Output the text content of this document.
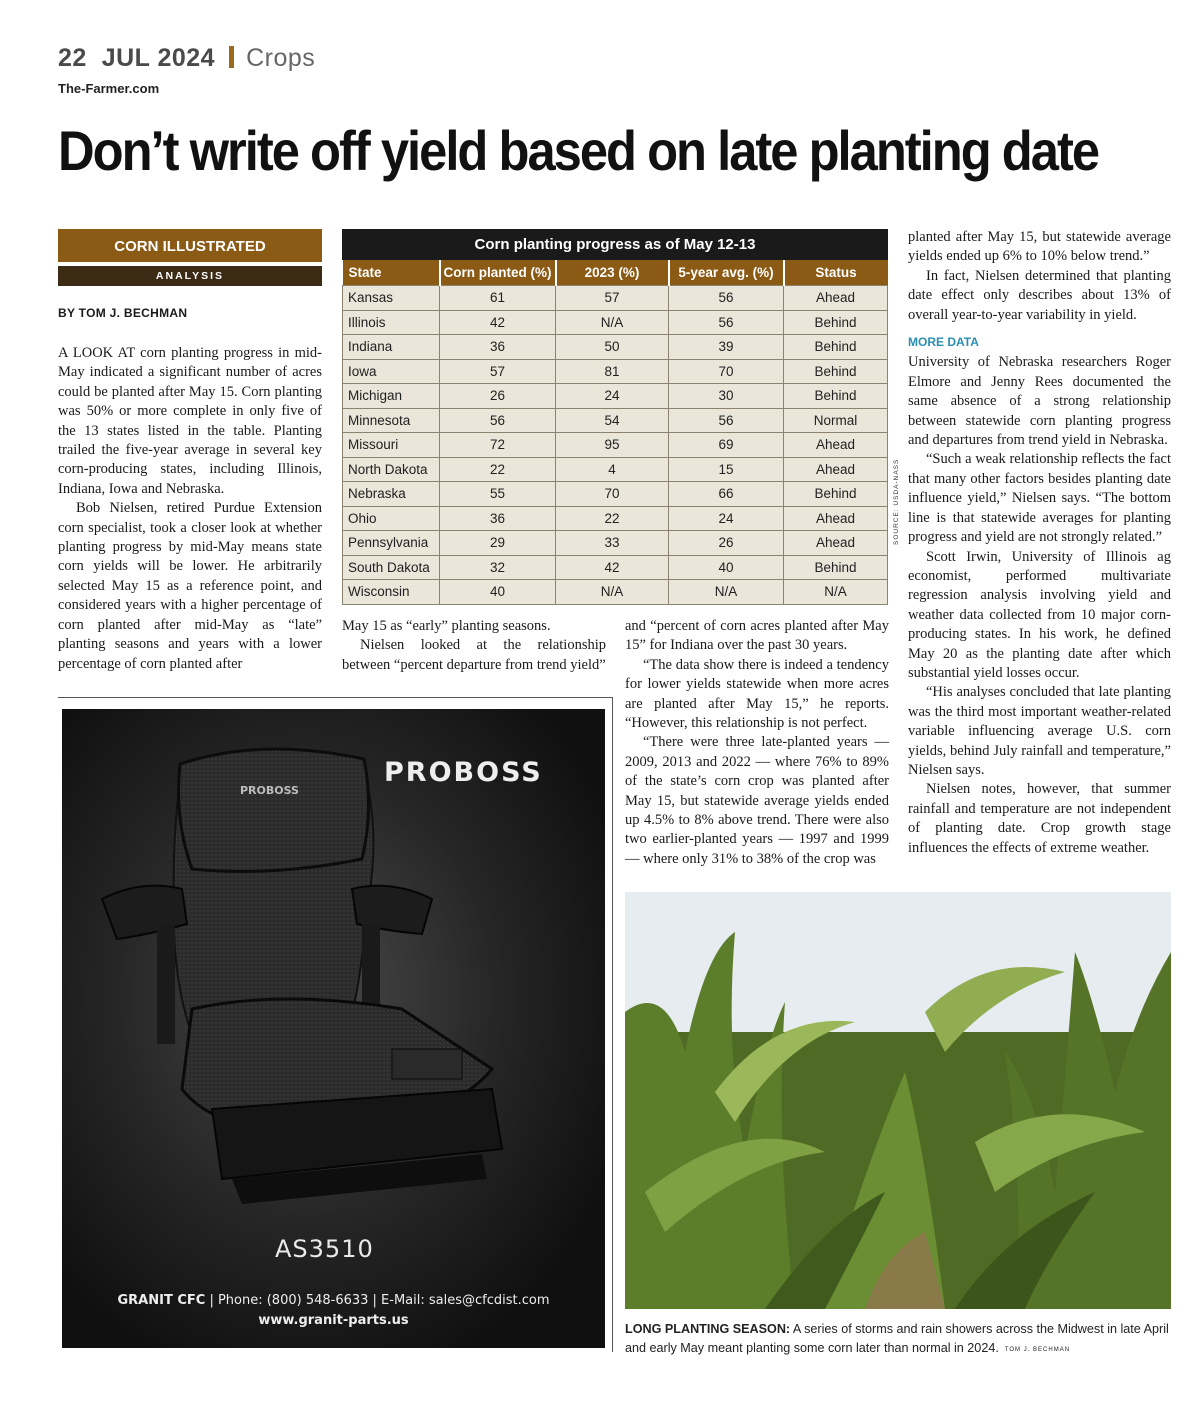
22 JUL 2024 Crops
The-Farmer.com
Don’t write off yield based on late planting date
CORN ILLUSTRATED
ANALYSIS
BY TOM J. BECHMAN

A LOOK AT corn planting progress in mid-May indicated a significant number of acres could be planted after May 15. Corn planting was 50% or more complete in only five of the 13 states listed in the table. Planting trailed the five-year average in several key corn-producing states, including Illinois, Indiana, Iowa and Nebraska.

Bob Nielsen, retired Purdue Extension corn specialist, took a closer look at whether planting progress by mid-May means state corn yields will be lower. He arbitrarily selected May 15 as a reference point, and considered years with a higher percentage of corn planted after mid-May as “late” planting seasons and years with a lower percentage of corn planted after

Corn planting progress as of May 12-13
State	Corn planted (%)	2023 (%)	5-year avg. (%)	Status
Kansas	61	57	56	Ahead
Illinois	42	N/A	56	Behind
Indiana	36	50	39	Behind
Iowa	57	81	70	Behind
Michigan	26	24	30	Behind
Minnesota	56	54	56	Normal
Missouri	72	95	69	Ahead
North Dakota	22	4	15	Ahead
Nebraska	55	70	66	Behind
Ohio	36	22	24	Ahead
Pennsylvania	29	33	26	Ahead
South Dakota	32	42	40	Behind
Wisconsin	40	N/A	N/A	N/A
SOURCE: USDA-NASS

May 15 as “early” planting seasons.

Nielsen looked at the relationship between “percent departure from trend yield”

and “percent of corn acres planted after May 15” for Indiana over the past 30 years.

“The data show there is indeed a tendency for lower yields statewide when more acres are planted after May 15,” he reports. “However, this relationship is not perfect.

“There were three late-planted years — 2009, 2013 and 2022 — where 76% to 89% of the state’s corn crop was planted after May 15, but statewide average yields ended up 4.5% to 8% above trend. There were also two earlier-planted years — 1997 and 1999 — where only 31% to 38% of the crop was

planted after May 15, but statewide average yields ended up 6% to 10% below trend.”

In fact, Nielsen determined that planting date effect only describes about 13% of overall year-to-year variability in yield.

MORE DATA

University of Nebraska researchers Roger Elmore and Jenny Rees documented the same absence of a strong relationship between statewide corn planting progress and departures from trend yield in Nebraska.

“Such a weak relationship reflects the fact that many other factors besides planting date influence yield,” Nielsen says. “The bottom line is that statewide averages for planting progress and yield are not strongly related.”

Scott Irwin, University of Illinois ag economist, performed multivariate regression analysis involving yield and weather data collected from 10 major corn-producing states. In his work, he defined May 20 as the planting date after which substantial yield losses occur.

“His analyses concluded that late planting was the third most important weather-related variable influencing average U.S. corn yields, behind July rainfall and temperature,” Nielsen says.

Nielsen notes, however, that summer rainfall and temperature are not independent of planting date. Crop growth stage influences the effects of extreme weather.

PROBOSS
PROBOSS
AS3510
GRANIT CFC | Phone: (800) 548-6633 | E-Mail: sales@cfcdist.com
www.granit-parts.us
LONG PLANTING SEASON: A series of storms and rain showers across the Midwest in late April and early May meant planting some corn later than normal in 2024. TOM J. BECHMAN
